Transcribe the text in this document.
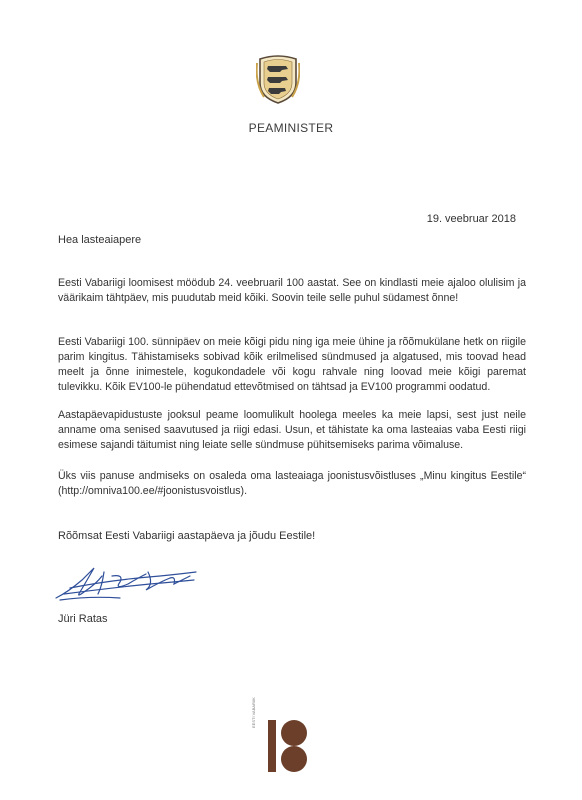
PEAMINISTER
19. veebruar 2018
Hea lasteaiapere

Eesti Vabariigi loomisest möödub 24. veebruaril 100 aastat. See on kindlasti meie ajaloo olulisim ja väärikaim tähtpäev, mis puudutab meid kõiki. Soovin teile selle puhul südamest õnne!

Eesti Vabariigi 100. sünnipäev on meie kõigi pidu ning iga meie ühine ja rõõmukülane hetk on riigile parim kingitus. Tähistamiseks sobivad kõik erilmelised sündmused ja algatused, mis toovad head meelt ja õnne inimestele, kogukondadele või kogu rahvale ning loovad meie kõigi paremat tulevikku. Kõik EV100-le pühendatud ettevõtmised on tähtsad ja EV100 programmi oodatud.

Aastapäevapidustuste jooksul peame loomulikult hoolega meeles ka meie lapsi, sest just neile anname oma senised saavutused ja riigi edasi. Usun, et tähistate ka oma lasteaias vaba Eesti riigi esimese sajandi täitumist ning leiate selle sündmuse pühitsemiseks parima võimaluse.

Üks viis panuse andmiseks on osaleda oma lasteaiaga joonistusvõistluses „Minu kingitus Eestile“ (http://omniva100.ee/#joonistusvoistlus).

Rõõmsat Eesti Vabariigi aastapäeva ja jõudu Eestile!
Jüri Ratas
EESTI VABARIIK
